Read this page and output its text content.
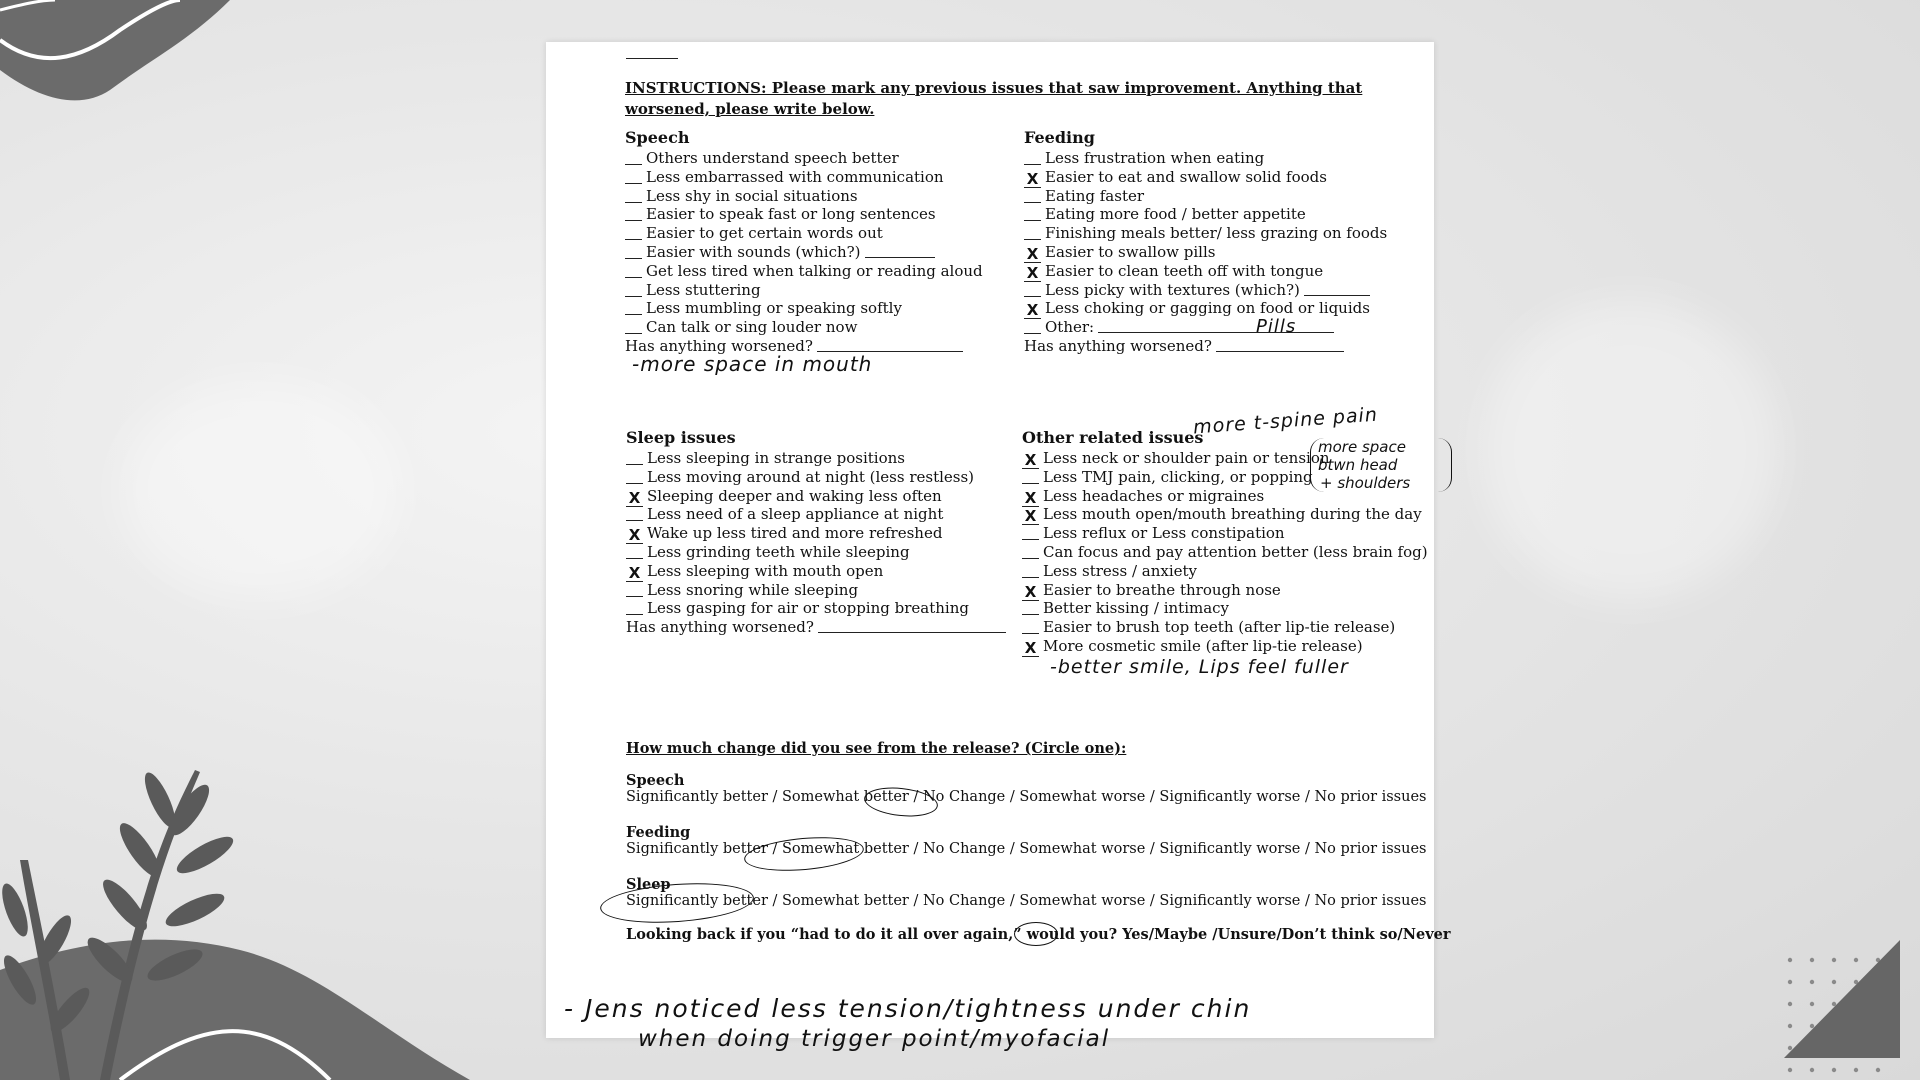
INSTRUCTIONS: Please mark any previous issues that saw improvement. Anything that worsened, please write below.
Speech
Others understand speech better
Less embarrassed with communication
Less shy in social situations
Easier to speak fast or long sentences
Easier to get certain words out
Easier with sounds (which?)
Get less tired when talking or reading aloud
Less stuttering
Less mumbling or speaking softly
Can talk or sing louder now
Has anything worsened?
-more space in mouth
Feeding
Less frustration when eating
X Easier to eat and swallow solid foods
Eating faster
Eating more food / better appetite
Finishing meals better/ less grazing on foods
X Easier to swallow pills
X Easier to clean teeth off with tongue
Less picky with textures (which?)
X Less choking or gagging on food or liquids
Other:
Has anything worsened?
Pills
Sleep issues
Less sleeping in strange positions
Less moving around at night (less restless)
X Sleeping deeper and waking less often
Less need of a sleep appliance at night
X Wake up less tired and more refreshed
Less grinding teeth while sleeping
X Less sleeping with mouth open
Less snoring while sleeping
Less gasping for air or stopping breathing
Has anything worsened?
Other related issues
X Less neck or shoulder pain or tension
Less TMJ pain, clicking, or popping
X Less headaches or migraines
X Less mouth open/mouth breathing during the day
Less reflux or Less constipation
Can focus and pay attention better (less brain fog)
Less stress / anxiety
X Easier to breathe through nose
Better kissing / intimacy
Easier to brush top teeth (after lip-tie release)
X More cosmetic smile (after lip-tie release)
more t-spine pain
more space
btwn head
+ shoulders
-better smile, Lips feel fuller
How much change did you see from the release? (Circle one):
Speech
Significantly better / Somewhat better / No Change / Somewhat worse / Significantly worse / No prior issues
Feeding
Significantly better / Somewhat better / No Change / Somewhat worse / Significantly worse / No prior issues
Sleep
Significantly better / Somewhat better / No Change / Somewhat worse / Significantly worse / No prior issues
Looking back if you “had to do it all over again,” would you? Yes/Maybe /Unsure/Don’t think so/Never
- Jens noticed less tension/tightness under chin
when doing trigger point/myofacial
